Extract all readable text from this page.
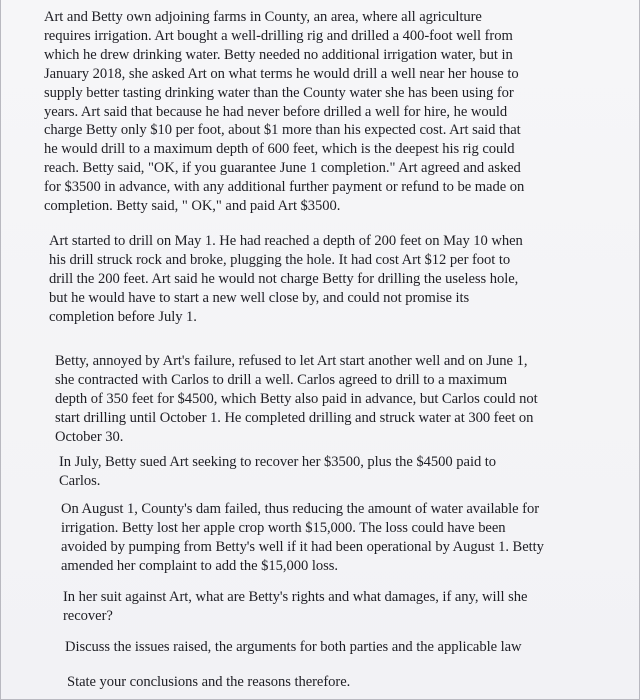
Art and Betty own adjoining farms in County, an area, where all agriculture
requires irrigation. Art bought a well-drilling rig and drilled a 400-foot well from
which he drew drinking water. Betty needed no additional irrigation water, but in
January 2018, she asked Art on what terms he would drill a well near her house to
supply better tasting drinking water than the County water she has been using for
years. Art said that because he had never before drilled a well for hire, he would
charge Betty only $10 per foot, about $1 more than his expected cost. Art said that
he would drill to a maximum depth of 600 feet, which is the deepest his rig could
reach. Betty said, "OK, if you guarantee June 1 completion." Art agreed and asked
for $3500 in advance, with any additional further payment or refund to be made on
completion. Betty said, " OK," and paid Art $3500.

Art started to drill on May 1. He had reached a depth of 200 feet on May 10 when
his drill struck rock and broke, plugging the hole. It had cost Art $12 per foot to
drill the 200 feet. Art said he would not charge Betty for drilling the useless hole,
but he would have to start a new well close by, and could not promise its
completion before July 1.

Betty, annoyed by Art's failure, refused to let Art start another well and on June 1,
she contracted with Carlos to drill a well. Carlos agreed to drill to a maximum
depth of 350 feet for $4500, which Betty also paid in advance, but Carlos could not
start drilling until October 1. He completed drilling and struck water at 300 feet on
October 30.

In July, Betty sued Art seeking to recover her $3500, plus the $4500 paid to
Carlos.

On August 1, County's dam failed, thus reducing the amount of water available for
irrigation. Betty lost her apple crop worth $15,000. The loss could have been
avoided by pumping from Betty's well if it had been operational by August 1. Betty
amended her complaint to add the $15,000 loss.

In her suit against Art, what are Betty's rights and what damages, if any, will she
recover?

Discuss the issues raised, the arguments for both parties and the applicable law

State your conclusions and the reasons therefore.
